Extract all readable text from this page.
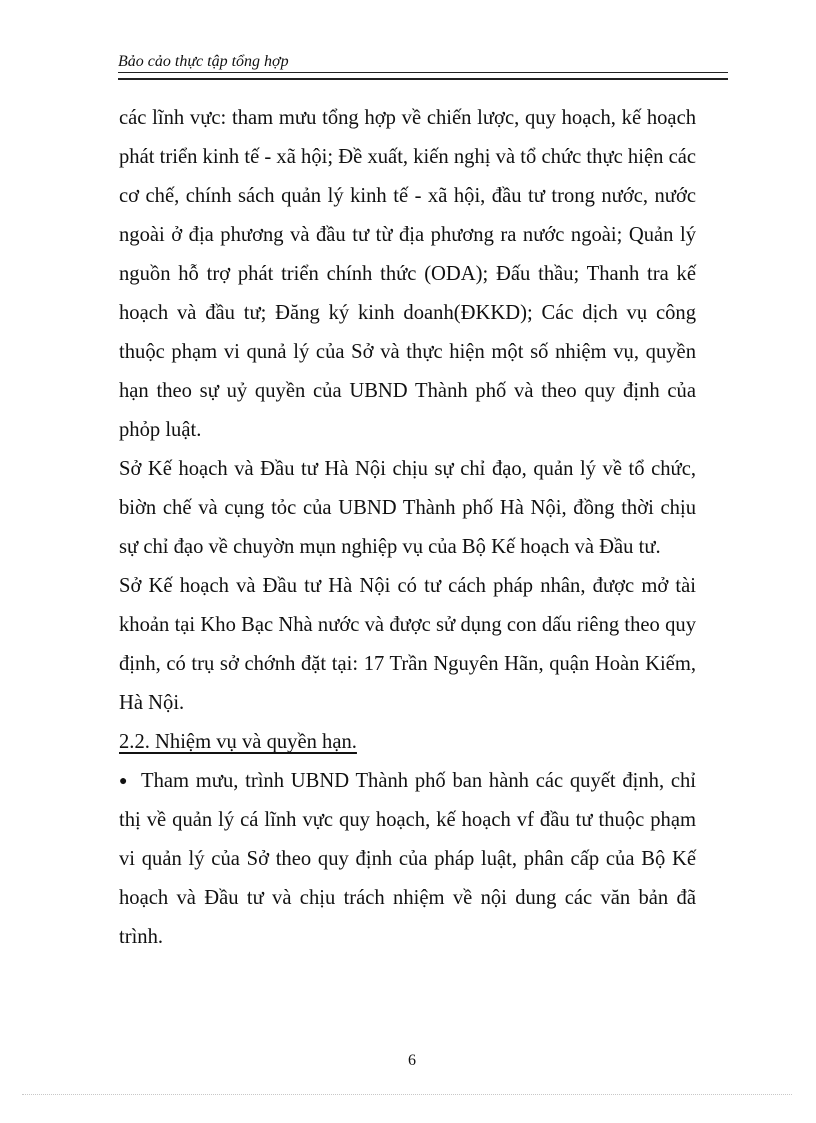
Bảo cảo thực tập tổng hợp

các lĩnh vực: tham mưu tổng hợp về chiến lược, quy hoạch, kế hoạch phát triển kinh tế - xã hội; Đề xuất, kiến nghị và tổ chức thực hiện các cơ chế, chính sách quản lý kinh tế - xã hội, đầu tư trong nước, nước ngoài ở địa phương và đầu tư từ địa phương ra nước ngoài; Quản lý nguồn hỗ trợ phát triển chính thức (ODA); Đấu thầu; Thanh tra kế hoạch và đầu tư; Đăng ký kinh doanh(ĐKKD); Các dịch vụ công thuộc phạm vi qunả lý của Sở và thực hiện một số nhiệm vụ, quyền hạn theo sự uỷ quyền của UBND Thành phố và theo quy định của phỏp luật.

Sở Kế hoạch và Đầu tư Hà Nội chịu sự chỉ đạo, quản lý về tổ chức, biờn chế và cụng tỏc của UBND Thành phố Hà Nội, đồng thời chịu sự chỉ đạo về chuyờn mụn nghiệp vụ của Bộ Kế hoạch và Đầu tư.

Sở Kế hoạch và Đầu tư Hà Nội có tư cách pháp nhân, được mở tài khoản tại Kho Bạc Nhà nước và được sử dụng con dấu riêng theo quy định, có trụ sở chớnh đặt tại: 17 Trần Nguyên Hãn, quận Hoàn Kiếm, Hà Nội.

2.2. Nhiệm vụ và quyền hạn.

● Tham mưu, trình UBND Thành phố ban hành các quyết định, chỉ thị về quản lý cá lĩnh vực quy hoạch, kế hoạch vf đầu tư thuộc phạm vi quản lý của Sở theo quy định của pháp luật, phân cấp của Bộ Kế hoạch và Đầu tư và chịu trách nhiệm về nội dung các văn bản đã trình.

6
